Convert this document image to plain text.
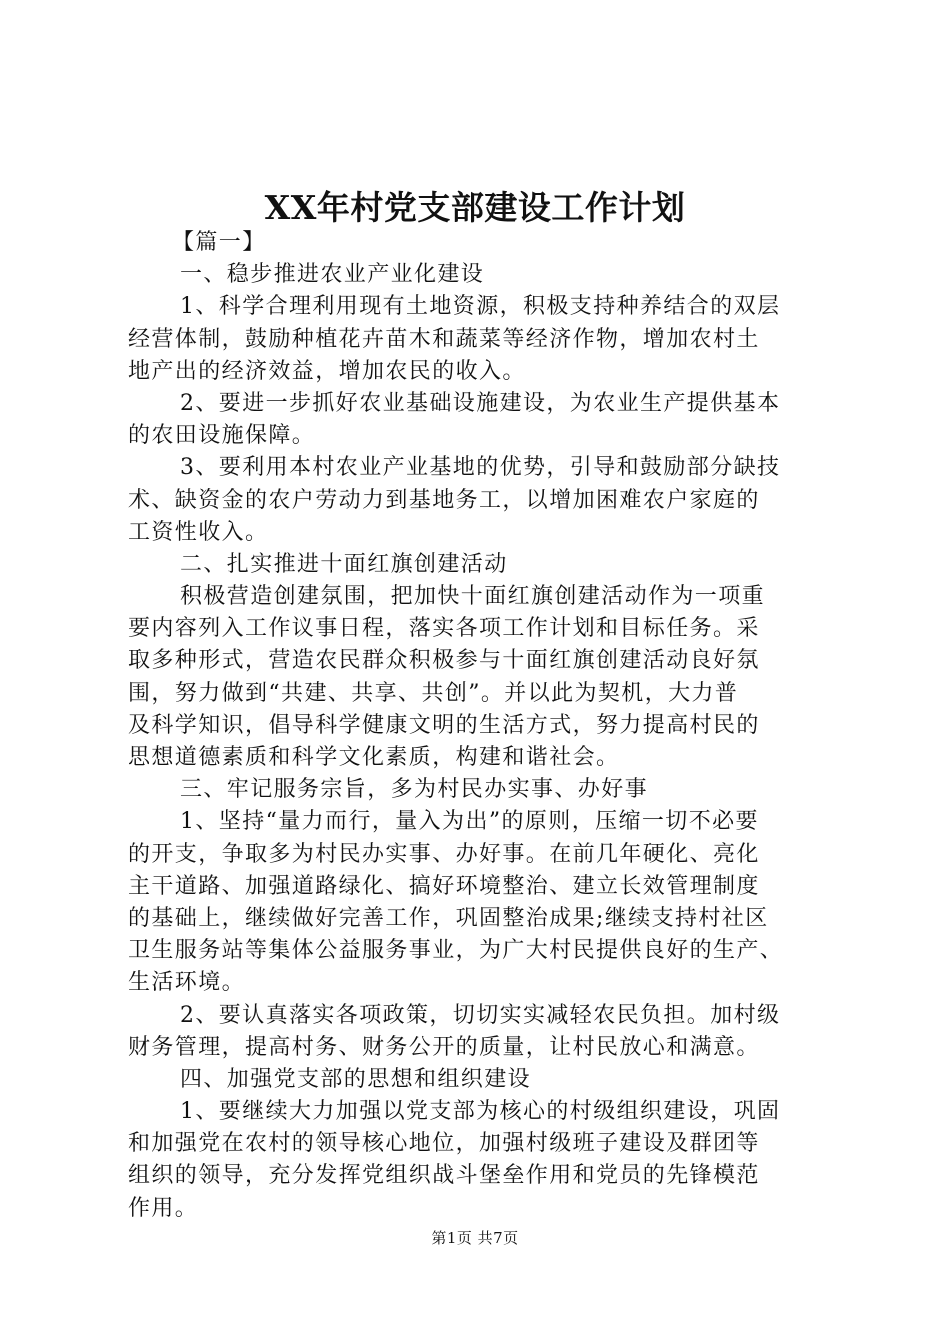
XX年村党支部建设工作计划
【篇一】
一、稳步推进农业产业化建设
1、科学合理利用现有土地资源，积极支持种养结合的双层
经营体制，鼓励种植花卉苗木和蔬菜等经济作物，增加农村土
地产出的经济效益，增加农民的收入。
2、要进一步抓好农业基础设施建设，为农业生产提供基本
的农田设施保障。
3、要利用本村农业产业基地的优势，引导和鼓励部分缺技
术、缺资金的农户劳动力到基地务工，以增加困难农户家庭的
工资性收入。
二、扎实推进十面红旗创建活动
积极营造创建氛围，把加快十面红旗创建活动作为一项重
要内容列入工作议事日程，落实各项工作计划和目标任务。采
取多种形式，营造农民群众积极参与十面红旗创建活动良好氛
围，努力做到“共建、共享、共创”。并以此为契机，大力普
及科学知识，倡导科学健康文明的生活方式，努力提高村民的
思想道德素质和科学文化素质，构建和谐社会。
三、牢记服务宗旨，多为村民办实事、办好事
1、坚持“量力而行，量入为出”的原则，压缩一切不必要
的开支，争取多为村民办实事、办好事。在前几年硬化、亮化
主干道路、加强道路绿化、搞好环境整治、建立长效管理制度
的基础上，继续做好完善工作，巩固整治成果;继续支持村社区
卫生服务站等集体公益服务事业，为广大村民提供良好的生产、
生活环境。
2、要认真落实各项政策，切切实实减轻农民负担。加村级
财务管理，提高村务、财务公开的质量，让村民放心和满意。
四、加强党支部的思想和组织建设
1、要继续大力加强以党支部为核心的村级组织建设，巩固
和加强党在农村的领导核心地位，加强村级班子建设及群团等
组织的领导，充分发挥党组织战斗堡垒作用和党员的先锋模范
作用。
第1页 共7页
